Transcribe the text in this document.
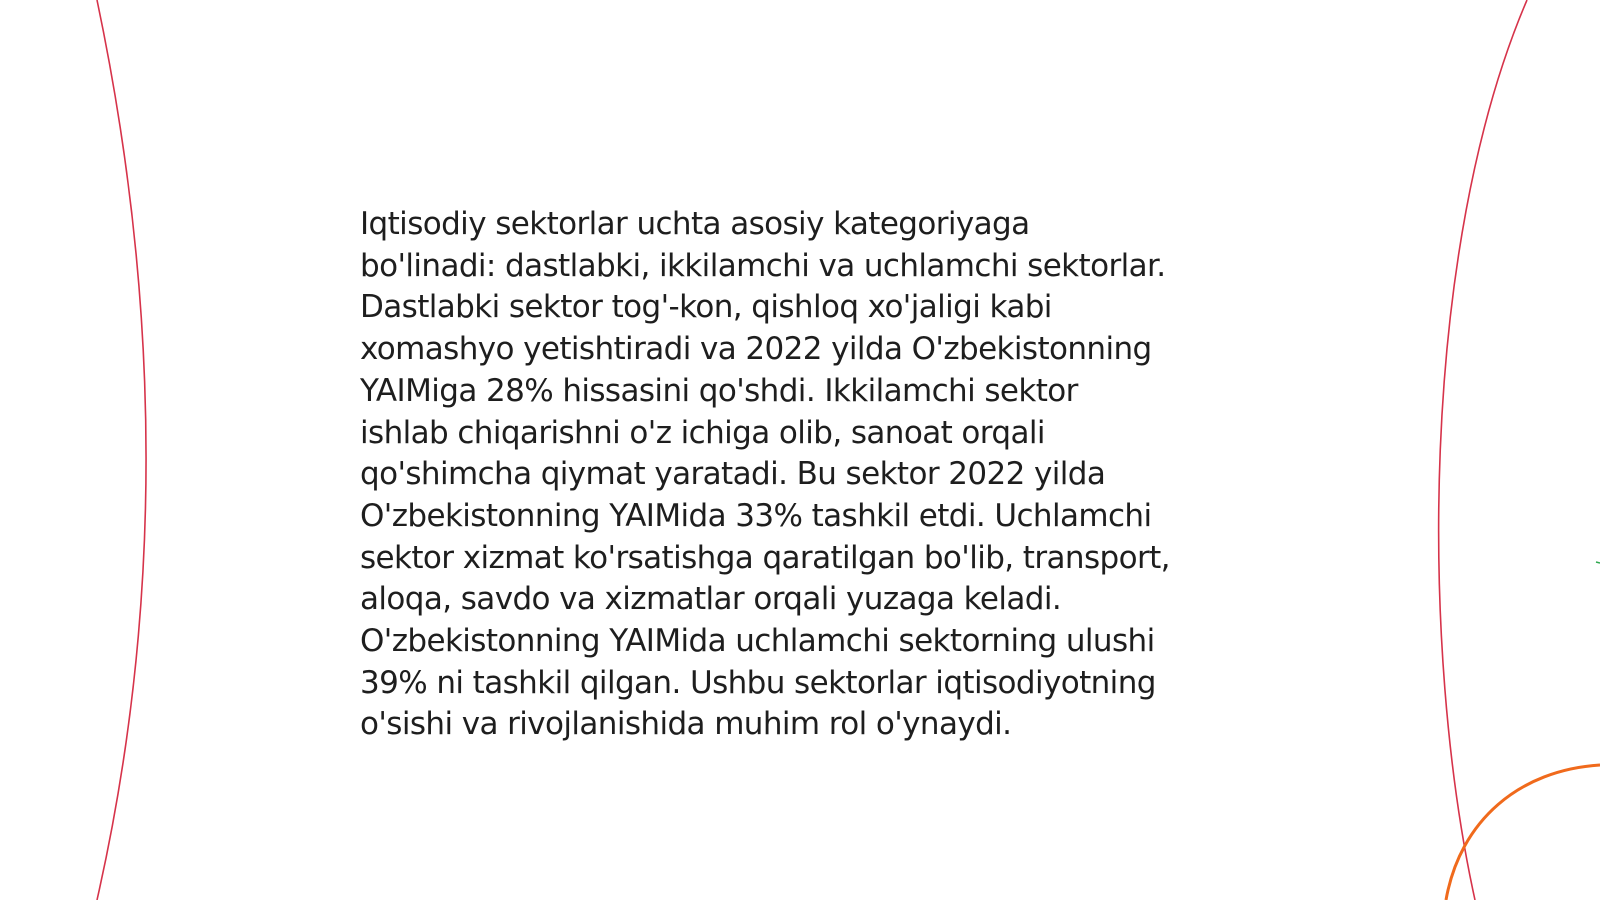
Iqtisodiy sektorlar uchta asosiy kategoriyaga
bo'linadi: dastlabki, ikkilamchi va uchlamchi sektorlar.
Dastlabki sektor tog'-kon, qishloq xo'jaligi kabi
xomashyo yetishtiradi va 2022 yilda O'zbekistonning
YAIMiga 28% hissasini qo'shdi. Ikkilamchi sektor
ishlab chiqarishni o'z ichiga olib, sanoat orqali
qo'shimcha qiymat yaratadi. Bu sektor 2022 yilda
O'zbekistonning YAIMida 33% tashkil etdi. Uchlamchi
sektor xizmat ko'rsatishga qaratilgan bo'lib, transport,
aloqa, savdo va xizmatlar orqali yuzaga keladi.
O'zbekistonning YAIMida uchlamchi sektorning ulushi
39% ni tashkil qilgan. Ushbu sektorlar iqtisodiyotning
o'sishi va rivojlanishida muhim rol o'ynaydi.
